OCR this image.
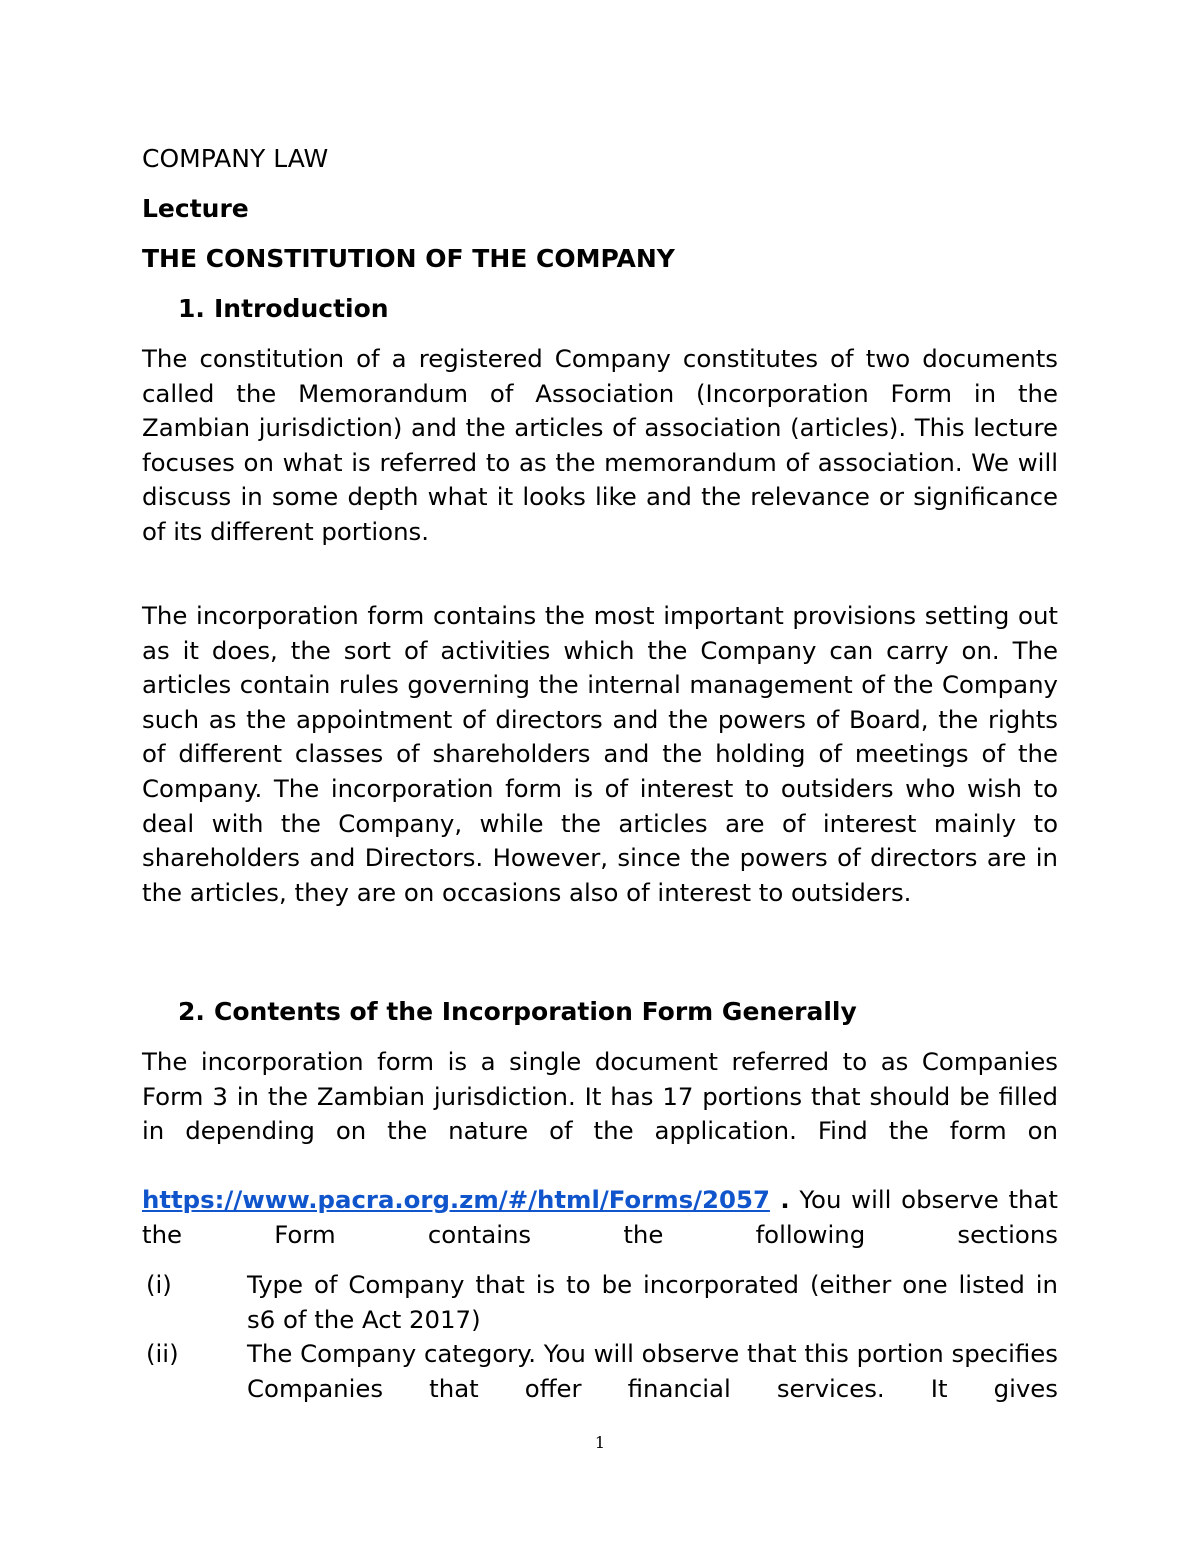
COMPANY LAW
Lecture
THE CONSTITUTION OF THE COMPANY
1. Introduction

The constitution of a registered Company constitutes of two documents called the Memorandum of Association (Incorporation Form in the Zambian jurisdiction) and the articles of association (articles). This lecture focuses on what is referred to as the memorandum of association. We will discuss in some depth what it looks like and the relevance or significance of its different portions.

The incorporation form contains the most important provisions setting out as it does, the sort of activities which the Company can carry on. The articles contain rules governing the internal management of the Company such as the appointment of directors and the powers of Board, the rights of different classes of shareholders and the holding of meetings of the Company. The incorporation form is of interest to outsiders who wish to deal with the Company, while the articles are of interest mainly to shareholders and Directors. However, since the powers of directors are in the articles, they are on occasions also of interest to outsiders.

2. Contents of the Incorporation Form Generally

The incorporation form is a single document referred to as Companies Form 3 in the Zambian jurisdiction. It has 17 portions that should be filled in depending on the nature of the application. Find the form on

https://www.pacra.org.zm/#/html/Forms/2057 . You will observe that the Form contains the following sections
(i)	Type of Company that is to be incorporated (either one listed in s6 of the Act 2017)
(ii)	The Company category. You will observe that this portion specifies Companies that offer financial services. It gives
1
